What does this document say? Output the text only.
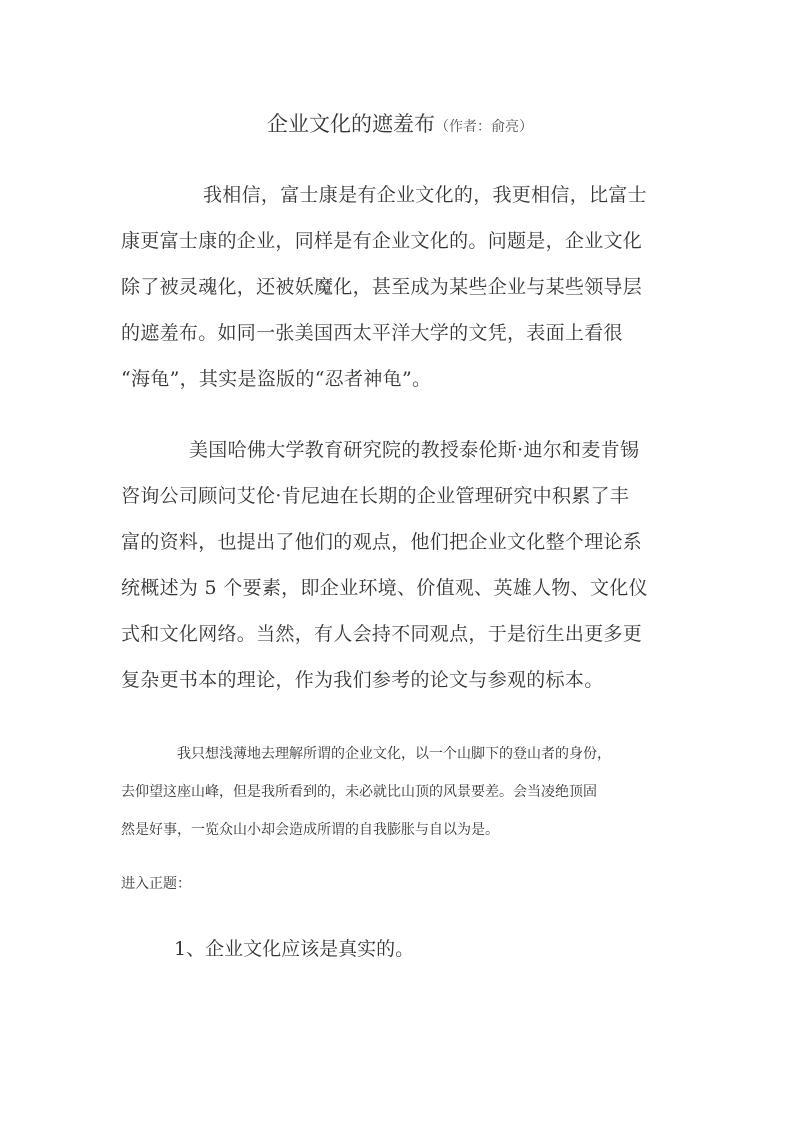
企业文化的遮羞布（作者：俞亮）
我相信，富士康是有企业文化的，我更相信，比富士
康更富士康的企业，同样是有企业文化的。问题是，企业文化
除了被灵魂化，还被妖魔化，甚至成为某些企业与某些领导层
的遮羞布。如同一张美国西太平洋大学的文凭，表面上看很
“海龟”，其实是盗版的“忍者神龟”。
美国哈佛大学教育研究院的教授泰伦斯·迪尔和麦肯锡
咨询公司顾问艾伦·肯尼迪在长期的企业管理研究中积累了丰
富的资料，也提出了他们的观点，他们把企业文化整个理论系
统概述为 5 个要素，即企业环境、价值观、英雄人物、文化仪
式和文化网络。当然，有人会持不同观点，于是衍生出更多更
复杂更书本的理论，作为我们参考的论文与参观的标本。
我只想浅薄地去理解所谓的企业文化，以一个山脚下的登山者的身份，
去仰望这座山峰，但是我所看到的，未必就比山顶的风景要差。会当凌绝顶固
然是好事，一览众山小却会造成所谓的自我膨胀与自以为是。
进入正题：
1、企业文化应该是真实的。
